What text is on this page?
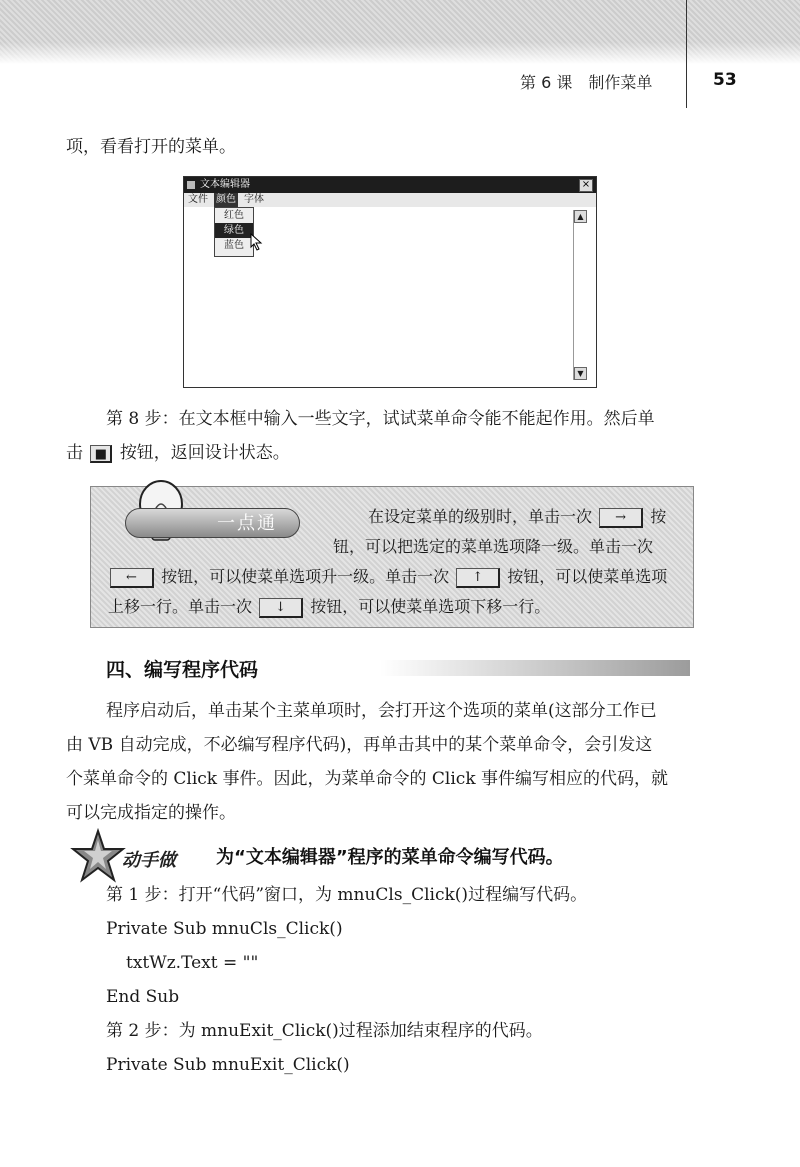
第 6 课　制作菜单	53
项，看看打开的菜单。
文本编辑器	×
文件 颜色 字体
红色
绿色
蓝色
▲
▼
第 8 步：在文本框中输入一些文字，试试菜单命令能不能起作用。然后单
击 ■ 按钮，返回设计状态。
一点通	在设定菜单的级别时，单击一次 → 按
钮，可以把选定的菜单选项降一级。单击一次
← 按钮，可以使菜单选项升一级。单击一次 ↑ 按钮，可以使菜单选项
上移一行。单击一次 ↓ 按钮，可以使菜单选项下移一行。
四、编写程序代码
程序启动后，单击某个主菜单项时，会打开这个选项的菜单(这部分工作已
由 VB 自动完成，不必编写程序代码)，再单击其中的某个菜单命令，会引发这
个菜单命令的 Click 事件。因此，为菜单命令的 Click 事件编写相应的代码，就
可以完成指定的操作。
动手做 为“文本编辑器”程序的菜单命令编写代码。
第 1 步：打开“代码”窗口，为 mnuCls_Click()过程编写代码。
Private Sub mnuCls_Click()
txtWz.Text = ""
End Sub
第 2 步：为 mnuExit_Click()过程添加结束程序的代码。
Private Sub mnuExit_Click()
